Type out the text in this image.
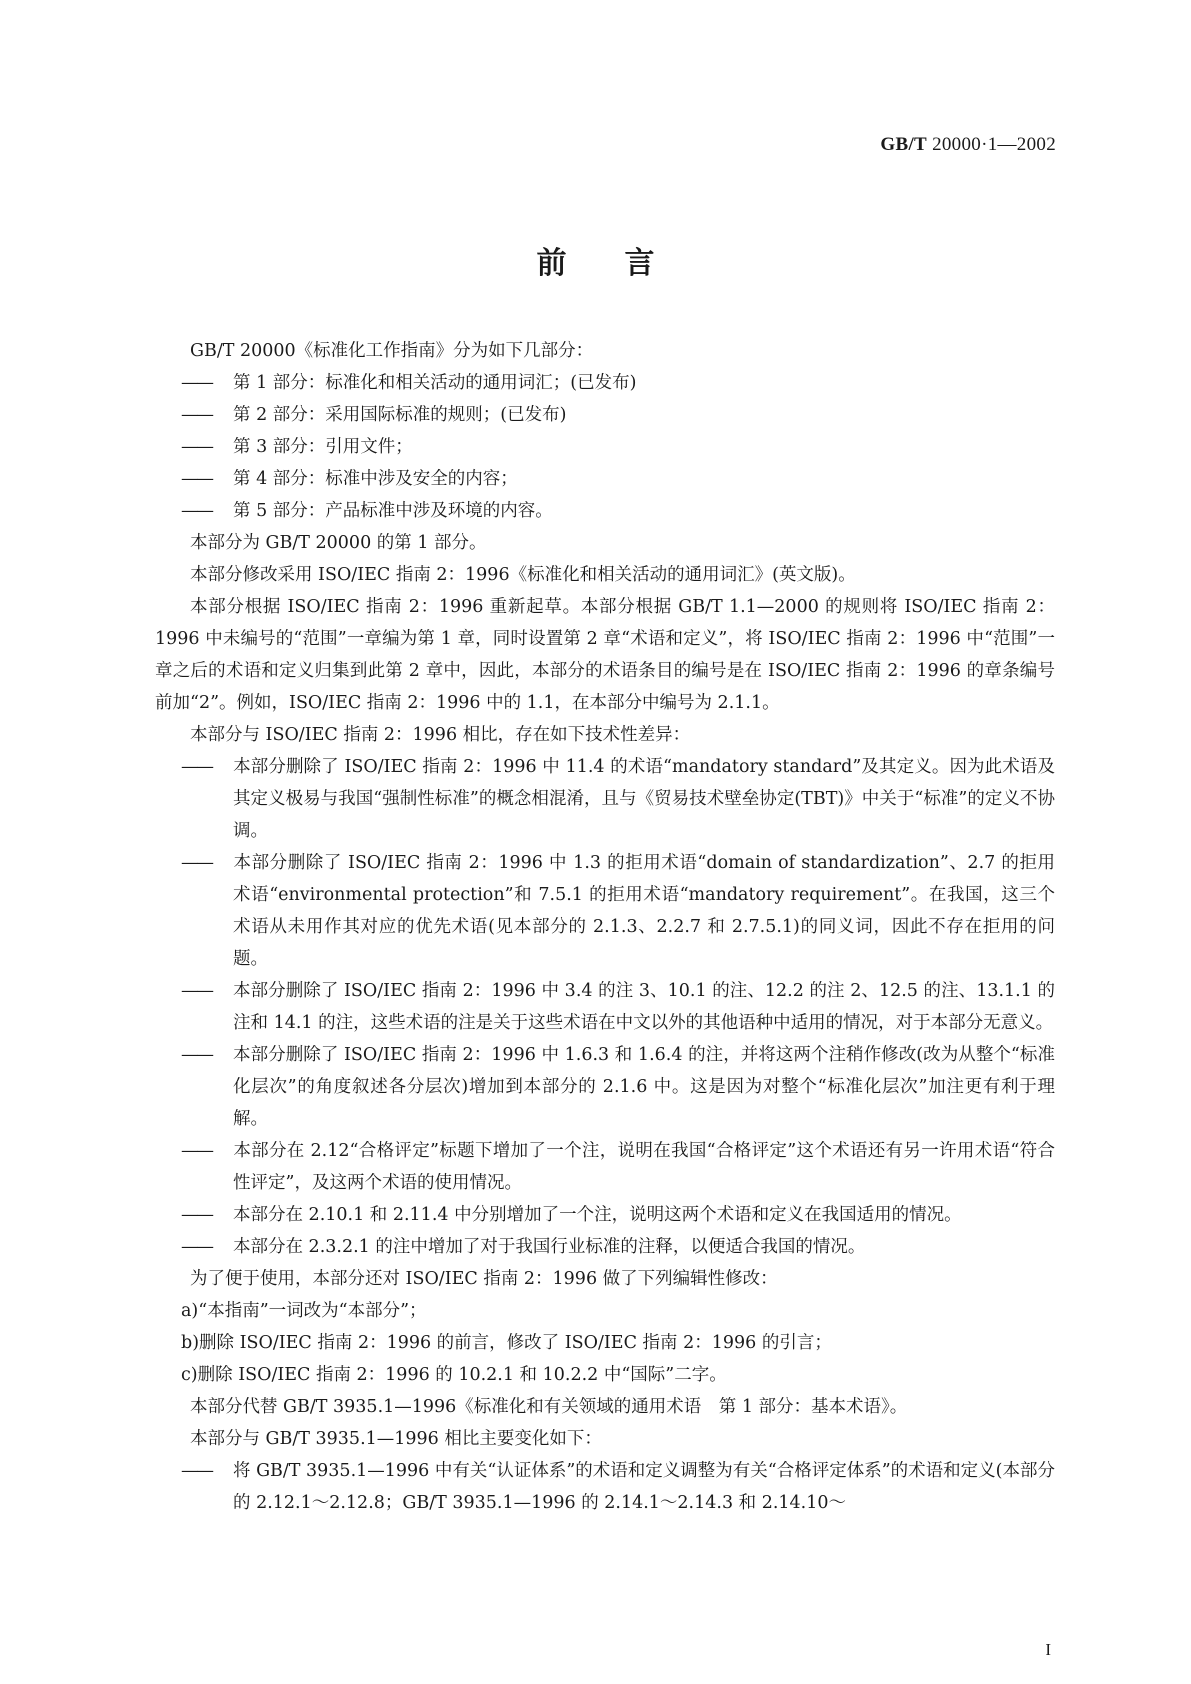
GB/T 20000·1—2002
前言

GB/T 20000《标准化工作指南》分为如下几部分：

—— 第 1 部分：标准化和相关活动的通用词汇；(已发布)

—— 第 2 部分：采用国际标准的规则；(已发布)

—— 第 3 部分：引用文件；

—— 第 4 部分：标准中涉及安全的内容；

—— 第 5 部分：产品标准中涉及环境的内容。

本部分为 GB/T 20000 的第 1 部分。

本部分修改采用 ISO/IEC 指南 2：1996《标准化和相关活动的通用词汇》(英文版)。

本部分根据 ISO/IEC 指南 2：1996 重新起草。本部分根据 GB/T 1.1—2000 的规则将 ISO/IEC 指南 2：1996 中未编号的“范围”一章编为第 1 章，同时设置第 2 章“术语和定义”，将 ISO/IEC 指南 2：1996 中“范围”一章之后的术语和定义归集到此第 2 章中，因此，本部分的术语条目的编号是在 ISO/IEC 指南 2：1996 的章条编号前加“2”。例如，ISO/IEC 指南 2：1996 中的 1.1，在本部分中编号为 2.1.1。

本部分与 ISO/IEC 指南 2：1996 相比，存在如下技术性差异：

—— 本部分删除了 ISO/IEC 指南 2：1996 中 11.4 的术语“mandatory standard”及其定义。因为此术语及其定义极易与我国“强制性标准”的概念相混淆，且与《贸易技术壁垒协定(TBT)》中关于“标准”的定义不协调。

—— 本部分删除了 ISO/IEC 指南 2：1996 中 1.3 的拒用术语“domain of standardization”、2.7 的拒用术语“environmental protection”和 7.5.1 的拒用术语“mandatory requirement”。在我国，这三个术语从未用作其对应的优先术语(见本部分的 2.1.3、2.2.7 和 2.7.5.1)的同义词，因此不存在拒用的问题。

—— 本部分删除了 ISO/IEC 指南 2：1996 中 3.4 的注 3、10.1 的注、12.2 的注 2、12.5 的注、13.1.1 的注和 14.1 的注，这些术语的注是关于这些术语在中文以外的其他语种中适用的情况，对于本部分无意义。

—— 本部分删除了 ISO/IEC 指南 2：1996 中 1.6.3 和 1.6.4 的注，并将这两个注稍作修改(改为从整个“标准化层次”的角度叙述各分层次)增加到本部分的 2.1.6 中。这是因为对整个“标准化层次”加注更有利于理解。

—— 本部分在 2.12“合格评定”标题下增加了一个注，说明在我国“合格评定”这个术语还有另一许用术语“符合性评定”，及这两个术语的使用情况。

—— 本部分在 2.10.1 和 2.11.4 中分别增加了一个注，说明这两个术语和定义在我国适用的情况。

—— 本部分在 2.3.2.1 的注中增加了对于我国行业标准的注释，以便适合我国的情况。

为了便于使用，本部分还对 ISO/IEC 指南 2：1996 做了下列编辑性修改：

a)“本指南”一词改为“本部分”；

b)删除 ISO/IEC 指南 2：1996 的前言，修改了 ISO/IEC 指南 2：1996 的引言；

c)删除 ISO/IEC 指南 2：1996 的 10.2.1 和 10.2.2 中“国际”二字。

本部分代替 GB/T 3935.1—1996《标准化和有关领域的通用术语　第 1 部分：基本术语》。

本部分与 GB/T 3935.1—1996 相比主要变化如下：

—— 将 GB/T 3935.1—1996 中有关“认证体系”的术语和定义调整为有关“合格评定体系”的术语和定义(本部分的 2.12.1～2.12.8；GB/T 3935.1—1996 的 2.14.1～2.14.3 和 2.14.10～

I
